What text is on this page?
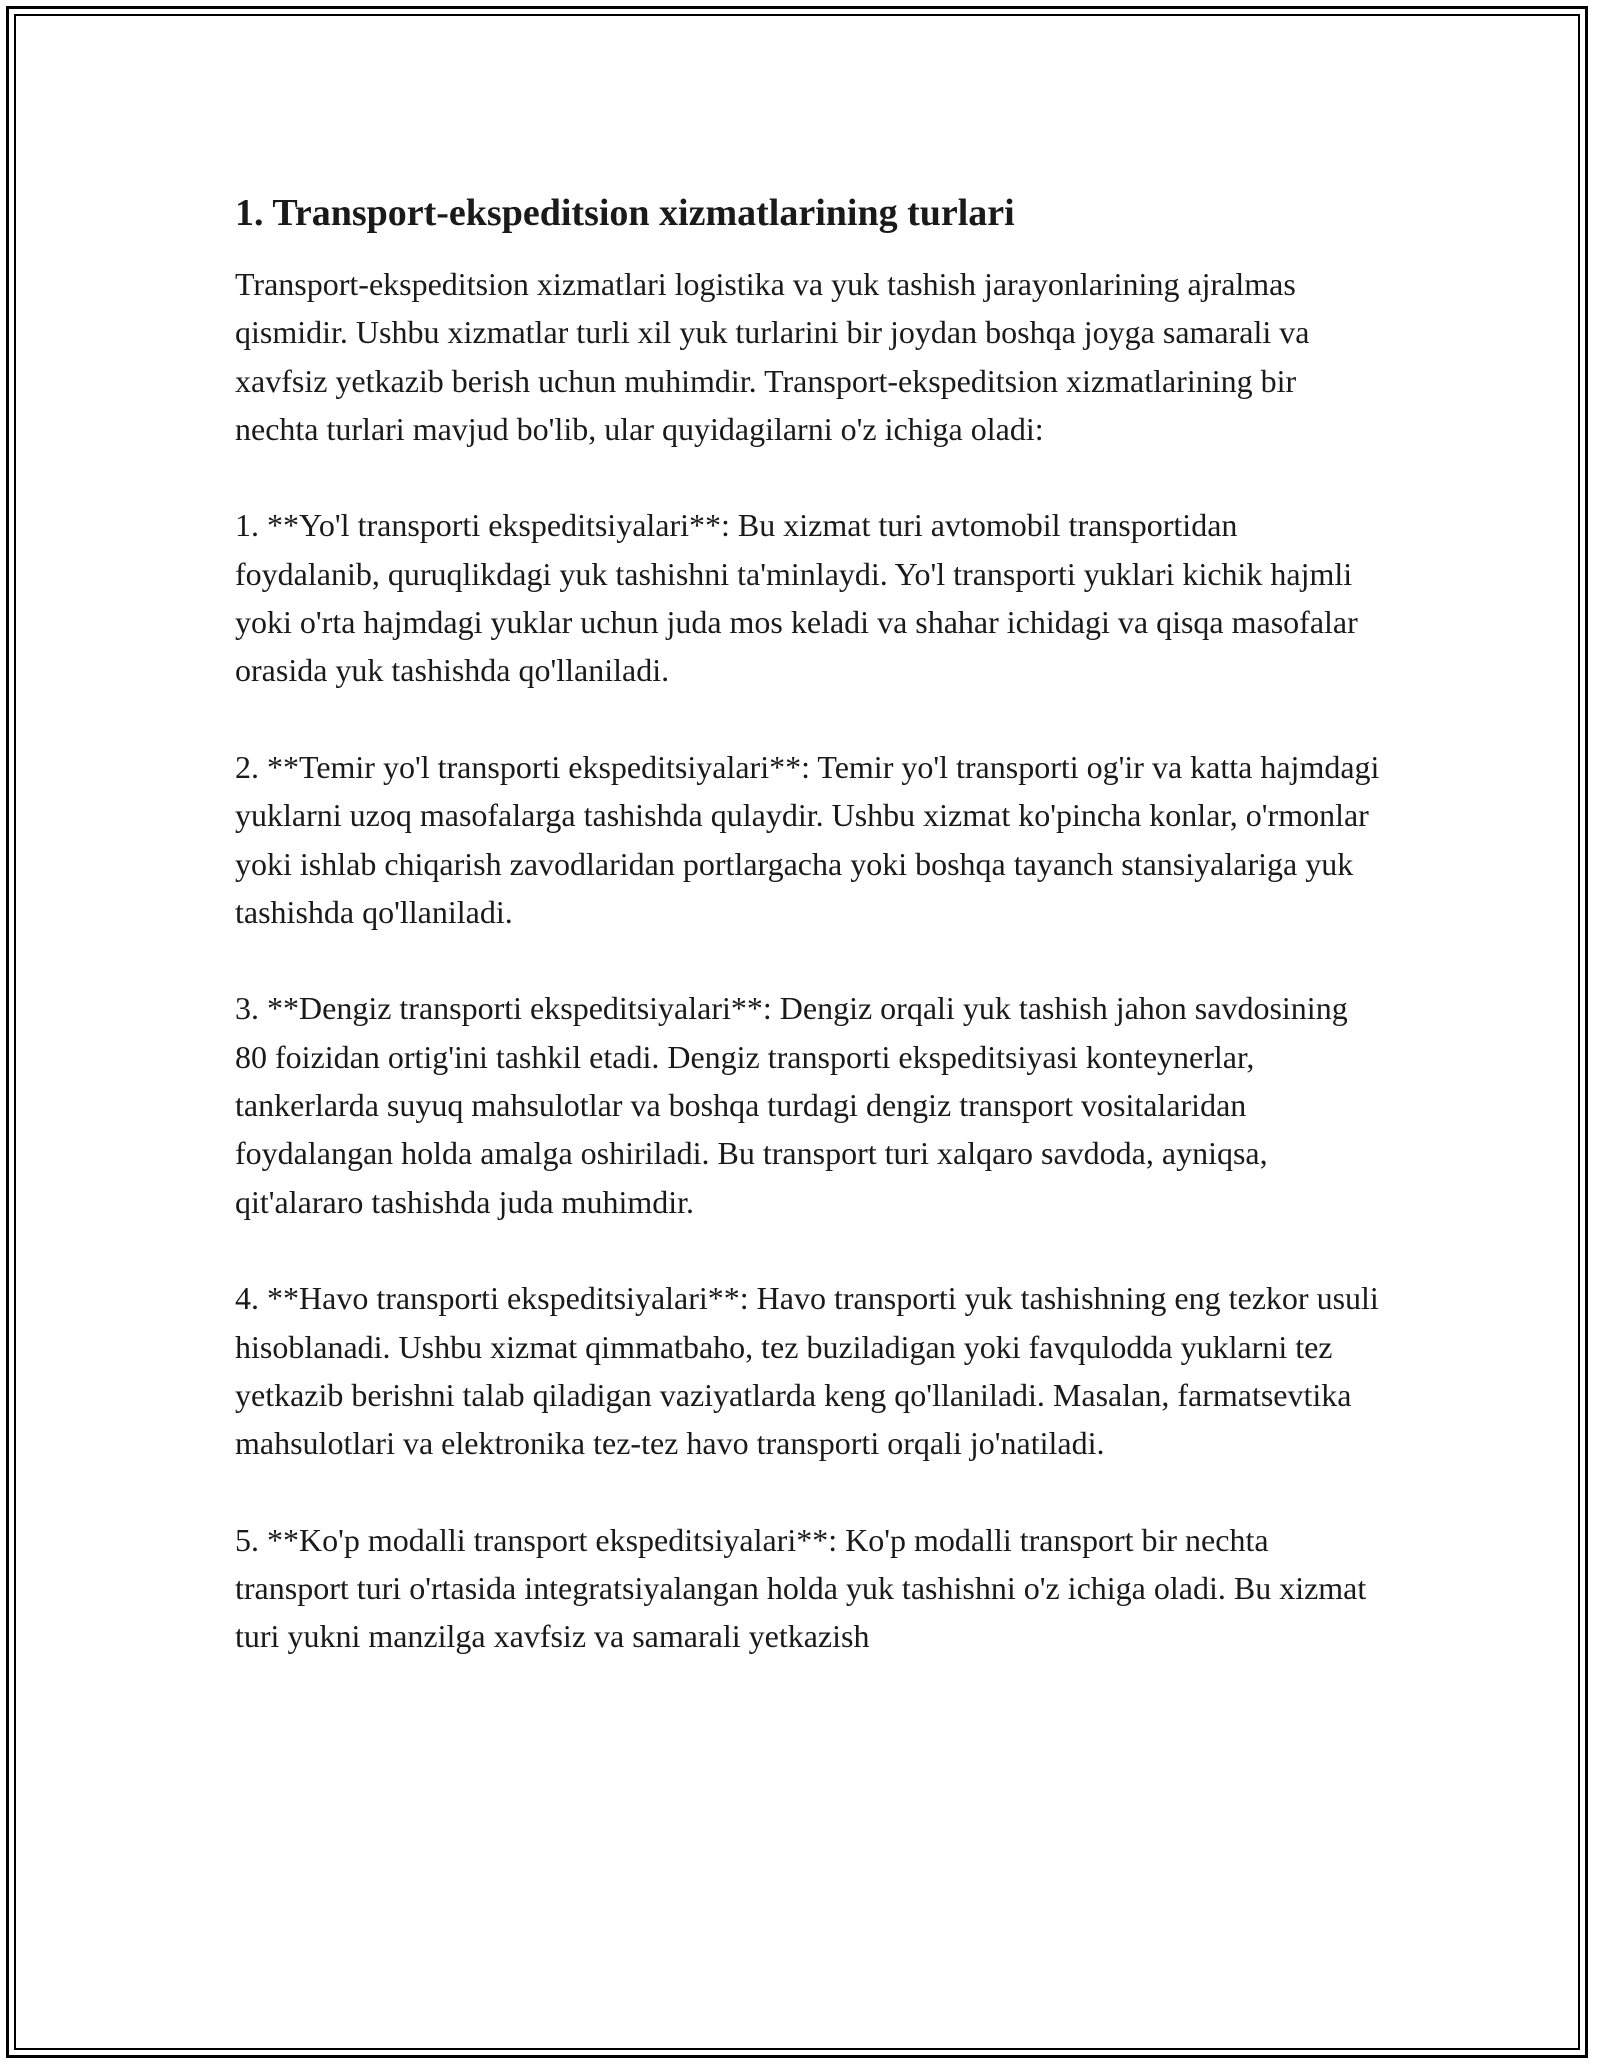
1. Transport-ekspeditsion xizmatlarining turlari

Transport-ekspeditsion xizmatlari logistika va yuk tashish jarayonlarining ajralmas qismidir. Ushbu xizmatlar turli xil yuk turlarini bir joydan boshqa joyga samarali va xavfsiz yetkazib berish uchun muhimdir. Transport-ekspeditsion xizmatlarining bir nechta turlari mavjud bo'lib, ular quyidagilarni o'z ichiga oladi:

1. **Yo'l transporti ekspeditsiyalari**: Bu xizmat turi avtomobil transportidan foydalanib, quruqlikdagi yuk tashishni ta'minlaydi. Yo'l transporti yuklari kichik hajmli yoki o'rta hajmdagi yuklar uchun juda mos keladi va shahar ichidagi va qisqa masofalar orasida yuk tashishda qo'llaniladi.

2. **Temir yo'l transporti ekspeditsiyalari**: Temir yo'l transporti og'ir va katta hajmdagi yuklarni uzoq masofalarga tashishda qulaydir. Ushbu xizmat ko'pincha konlar, o'rmonlar yoki ishlab chiqarish zavodlaridan portlargacha yoki boshqa tayanch stansiyalariga yuk tashishda qo'llaniladi.

3. **Dengiz transporti ekspeditsiyalari**: Dengiz orqali yuk tashish jahon savdosining 80 foizidan ortig'ini tashkil etadi. Dengiz transporti ekspeditsiyasi konteynerlar, tankerlarda suyuq mahsulotlar va boshqa turdagi dengiz transport vositalaridan foydalangan holda amalga oshiriladi. Bu transport turi xalqaro savdoda, ayniqsa, qit'alararo tashishda juda muhimdir.

4. **Havo transporti ekspeditsiyalari**: Havo transporti yuk tashishning eng tezkor usuli hisoblanadi. Ushbu xizmat qimmatbaho, tez buziladigan yoki favqulodda yuklarni tez yetkazib berishni talab qiladigan vaziyatlarda keng qo'llaniladi. Masalan, farmatsevtika mahsulotlari va elektronika tez-tez havo transporti orqali jo'natiladi.

5. **Ko'p modalli transport ekspeditsiyalari**: Ko'p modalli transport bir nechta transport turi o'rtasida integratsiyalangan holda yuk tashishni o'z ichiga oladi. Bu xizmat turi yukni manzilga xavfsiz va samarali yetkazish
